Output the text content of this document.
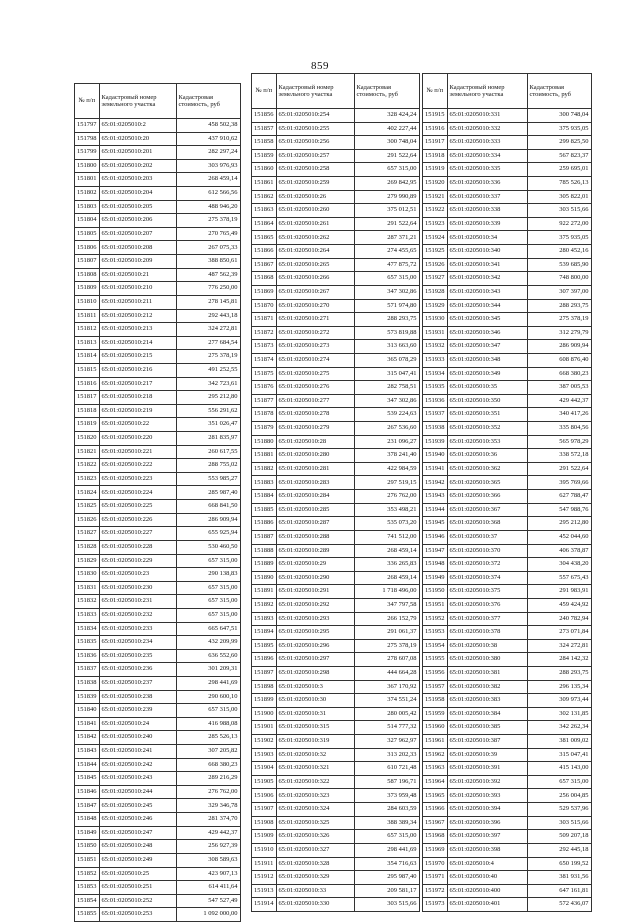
859
№ п/п	Кадастровый номер земельного участка	Кадастровая стоимость, руб
151797	65:01:0205010:2	458 502,38
151798	65:01:0205010:20	437 910,62
151799	65:01:0205010:201	282 297,24
151800	65:01:0205010:202	303 976,93
151801	65:01:0205010:203	268 459,14
151802	65:01:0205010:204	612 566,56
151803	65:01:0205010:205	488 946,20
151804	65:01:0205010:206	275 378,19
151805	65:01:0205010:207	270 765,49
151806	65:01:0205010:208	267 075,33
151807	65:01:0205010:209	388 850,61
151808	65:01:0205010:21	487 562,39
151809	65:01:0205010:210	776 250,00
151810	65:01:0205010:211	278 145,81
151811	65:01:0205010:212	292 443,18
151812	65:01:0205010:213	324 272,81
151813	65:01:0205010:214	277 684,54
151814	65:01:0205010:215	275 378,19
151815	65:01:0205010:216	491 252,55
151816	65:01:0205010:217	342 723,61
151817	65:01:0205010:218	295 212,80
151818	65:01:0205010:219	556 291,62
151819	65:01:0205010:22	351 026,47
151820	65:01:0205010:220	281 835,97
151821	65:01:0205010:221	260 617,55
151822	65:01:0205010:222	288 755,02
151823	65:01:0205010:223	553 985,27
151824	65:01:0205010:224	285 987,40
151825	65:01:0205010:225	668 841,50
151826	65:01:0205010:226	286 909,94
151827	65:01:0205010:227	655 925,94
151828	65:01:0205010:228	530 460,50
151829	65:01:0205010:229	657 315,00
151830	65:01:0205010:23	290 138,83
151831	65:01:0205010:230	657 315,00
151832	65:01:0205010:231	657 315,00
151833	65:01:0205010:232	657 315,00
151834	65:01:0205010:233	665 647,51
151835	65:01:0205010:234	432 209,99
151836	65:01:0205010:235	636 552,60
151837	65:01:0205010:236	301 209,31
151838	65:01:0205010:237	298 441,69
151839	65:01:0205010:238	290 600,10
151840	65:01:0205010:239	657 315,00
151841	65:01:0205010:24	416 988,08
151842	65:01:0205010:240	285 526,13
151843	65:01:0205010:241	307 205,82
151844	65:01:0205010:242	668 380,23
151845	65:01:0205010:243	289 216,29
151846	65:01:0205010:244	276 762,00
151847	65:01:0205010:245	329 346,78
151848	65:01:0205010:246	281 374,70
151849	65:01:0205010:247	429 442,37
151850	65:01:0205010:248	256 927,39
151851	65:01:0205010:249	308 589,63
151852	65:01:0205010:25	423 907,13
151853	65:01:0205010:251	614 411,64
151854	65:01:0205010:252	547 527,49
151855	65:01:0205010:253	1 092 000,00
№ п/п	Кадастровый номер земельного участка	Кадастровая стоимость, руб
151856	65:01:0205010:254	328 424,24
151857	65:01:0205010:255	402 227,44
151858	65:01:0205010:256	300 748,04
151859	65:01:0205010:257	291 522,64
151860	65:01:0205010:258	657 315,00
151861	65:01:0205010:259	269 842,95
151862	65:01:0205010:26	279 990,89
151863	65:01:0205010:260	375 012,51
151864	65:01:0205010:261	291 522,64
151865	65:01:0205010:262	287 371,21
151866	65:01:0205010:264	274 455,65
151867	65:01:0205010:265	477 875,72
151868	65:01:0205010:266	657 315,00
151869	65:01:0205010:267	347 302,86
151870	65:01:0205010:270	571 974,80
151871	65:01:0205010:271	288 293,75
151872	65:01:0205010:272	573 819,88
151873	65:01:0205010:273	313 663,60
151874	65:01:0205010:274	365 078,29
151875	65:01:0205010:275	315 047,41
151876	65:01:0205010:276	282 758,51
151877	65:01:0205010:277	347 302,86
151878	65:01:0205010:278	539 224,63
151879	65:01:0205010:279	267 536,60
151880	65:01:0205010:28	231 096,27
151881	65:01:0205010:280	378 241,40
151882	65:01:0205010:281	422 984,59
151883	65:01:0205010:283	297 519,15
151884	65:01:0205010:284	276 762,00
151885	65:01:0205010:285	353 498,21
151886	65:01:0205010:287	535 073,20
151887	65:01:0205010:288	741 512,00
151888	65:01:0205010:289	268 459,14
151889	65:01:0205010:29	336 265,83
151890	65:01:0205010:290	268 459,14
151891	65:01:0205010:291	1 718 496,00
151892	65:01:0205010:292	347 797,58
151893	65:01:0205010:293	266 152,79
151894	65:01:0205010:295	291 061,37
151895	65:01:0205010:296	275 378,19
151896	65:01:0205010:297	278 607,08
151897	65:01:0205010:298	444 664,28
151898	65:01:0205010:3	367 170,92
151899	65:01:0205010:30	374 551,24
151900	65:01:0205010:31	280 005,42
151901	65:01:0205010:315	514 777,32
151902	65:01:0205010:319	327 962,97
151903	65:01:0205010:32	313 202,33
151904	65:01:0205010:321	610 721,48
151905	65:01:0205010:322	587 196,71
151906	65:01:0205010:323	373 959,48
151907	65:01:0205010:324	284 603,59
151908	65:01:0205010:325	388 389,34
151909	65:01:0205010:326	657 315,00
151910	65:01:0205010:327	298 441,69
151911	65:01:0205010:328	354 716,63
151912	65:01:0205010:329	295 987,40
151913	65:01:0205010:33	209 581,17
151914	65:01:0205010:330	303 515,66
№ п/п	Кадастровый номер земельного участка	Кадастровая стоимость, руб
151915	65:01:0205010:331	300 748,04
151916	65:01:0205010:332	375 935,05
151917	65:01:0205010:333	299 825,50
151918	65:01:0205010:334	567 823,37
151919	65:01:0205010:335	259 695,01
151920	65:01:0205010:336	785 526,13
151921	65:01:0205010:337	305 822,01
151922	65:01:0205010:338	303 515,66
151923	65:01:0205010:339	922 272,00
151924	65:01:0205010:34	375 935,05
151925	65:01:0205010:340	280 452,16
151926	65:01:0205010:341	539 685,90
151927	65:01:0205010:342	748 800,00
151928	65:01:0205010:343	307 397,00
151929	65:01:0205010:344	288 293,75
151930	65:01:0205010:345	275 378,19
151931	65:01:0205010:346	312 279,79
151932	65:01:0205010:347	286 909,94
151933	65:01:0205010:348	608 876,40
151934	65:01:0205010:349	668 380,23
151935	65:01:0205010:35	387 005,53
151936	65:01:0205010:350	429 442,37
151937	65:01:0205010:351	340 417,26
151938	65:01:0205010:352	335 804,56
151939	65:01:0205010:353	565 978,29
151940	65:01:0205010:36	338 572,18
151941	65:01:0205010:362	291 522,64
151942	65:01:0205010:365	395 769,66
151943	65:01:0205010:366	627 788,47
151944	65:01:0205010:367	547 988,76
151945	65:01:0205010:368	295 212,80
151946	65:01:0205010:37	452 044,60
151947	65:01:0205010:370	406 378,87
151948	65:01:0205010:372	304 438,20
151949	65:01:0205010:374	557 675,43
151950	65:01:0205010:375	291 983,91
151951	65:01:0205010:376	459 424,92
151952	65:01:0205010:377	240 782,94
151953	65:01:0205010:378	273 071,84
151954	65:01:0205010:38	324 272,81
151955	65:01:0205010:380	284 142,32
151956	65:01:0205010:381	288 293,75
151957	65:01:0205010:382	296 135,34
151958	65:01:0205010:383	309 973,44
151959	65:01:0205010:384	302 131,85
151960	65:01:0205010:385	342 262,34
151961	65:01:0205010:387	381 009,02
151962	65:01:0205010:39	315 047,41
151963	65:01:0205010:391	415 143,00
151964	65:01:0205010:392	657 315,00
151965	65:01:0205010:393	256 004,85
151966	65:01:0205010:394	529 537,96
151967	65:01:0205010:396	303 515,66
151968	65:01:0205010:397	509 207,18
151969	65:01:0205010:398	292 445,18
151970	65:01:0205010:4	650 199,52
151971	65:01:0205010:40	381 931,56
151972	65:01:0205010:400	647 161,81
151973	65:01:0205010:401	572 436,07
